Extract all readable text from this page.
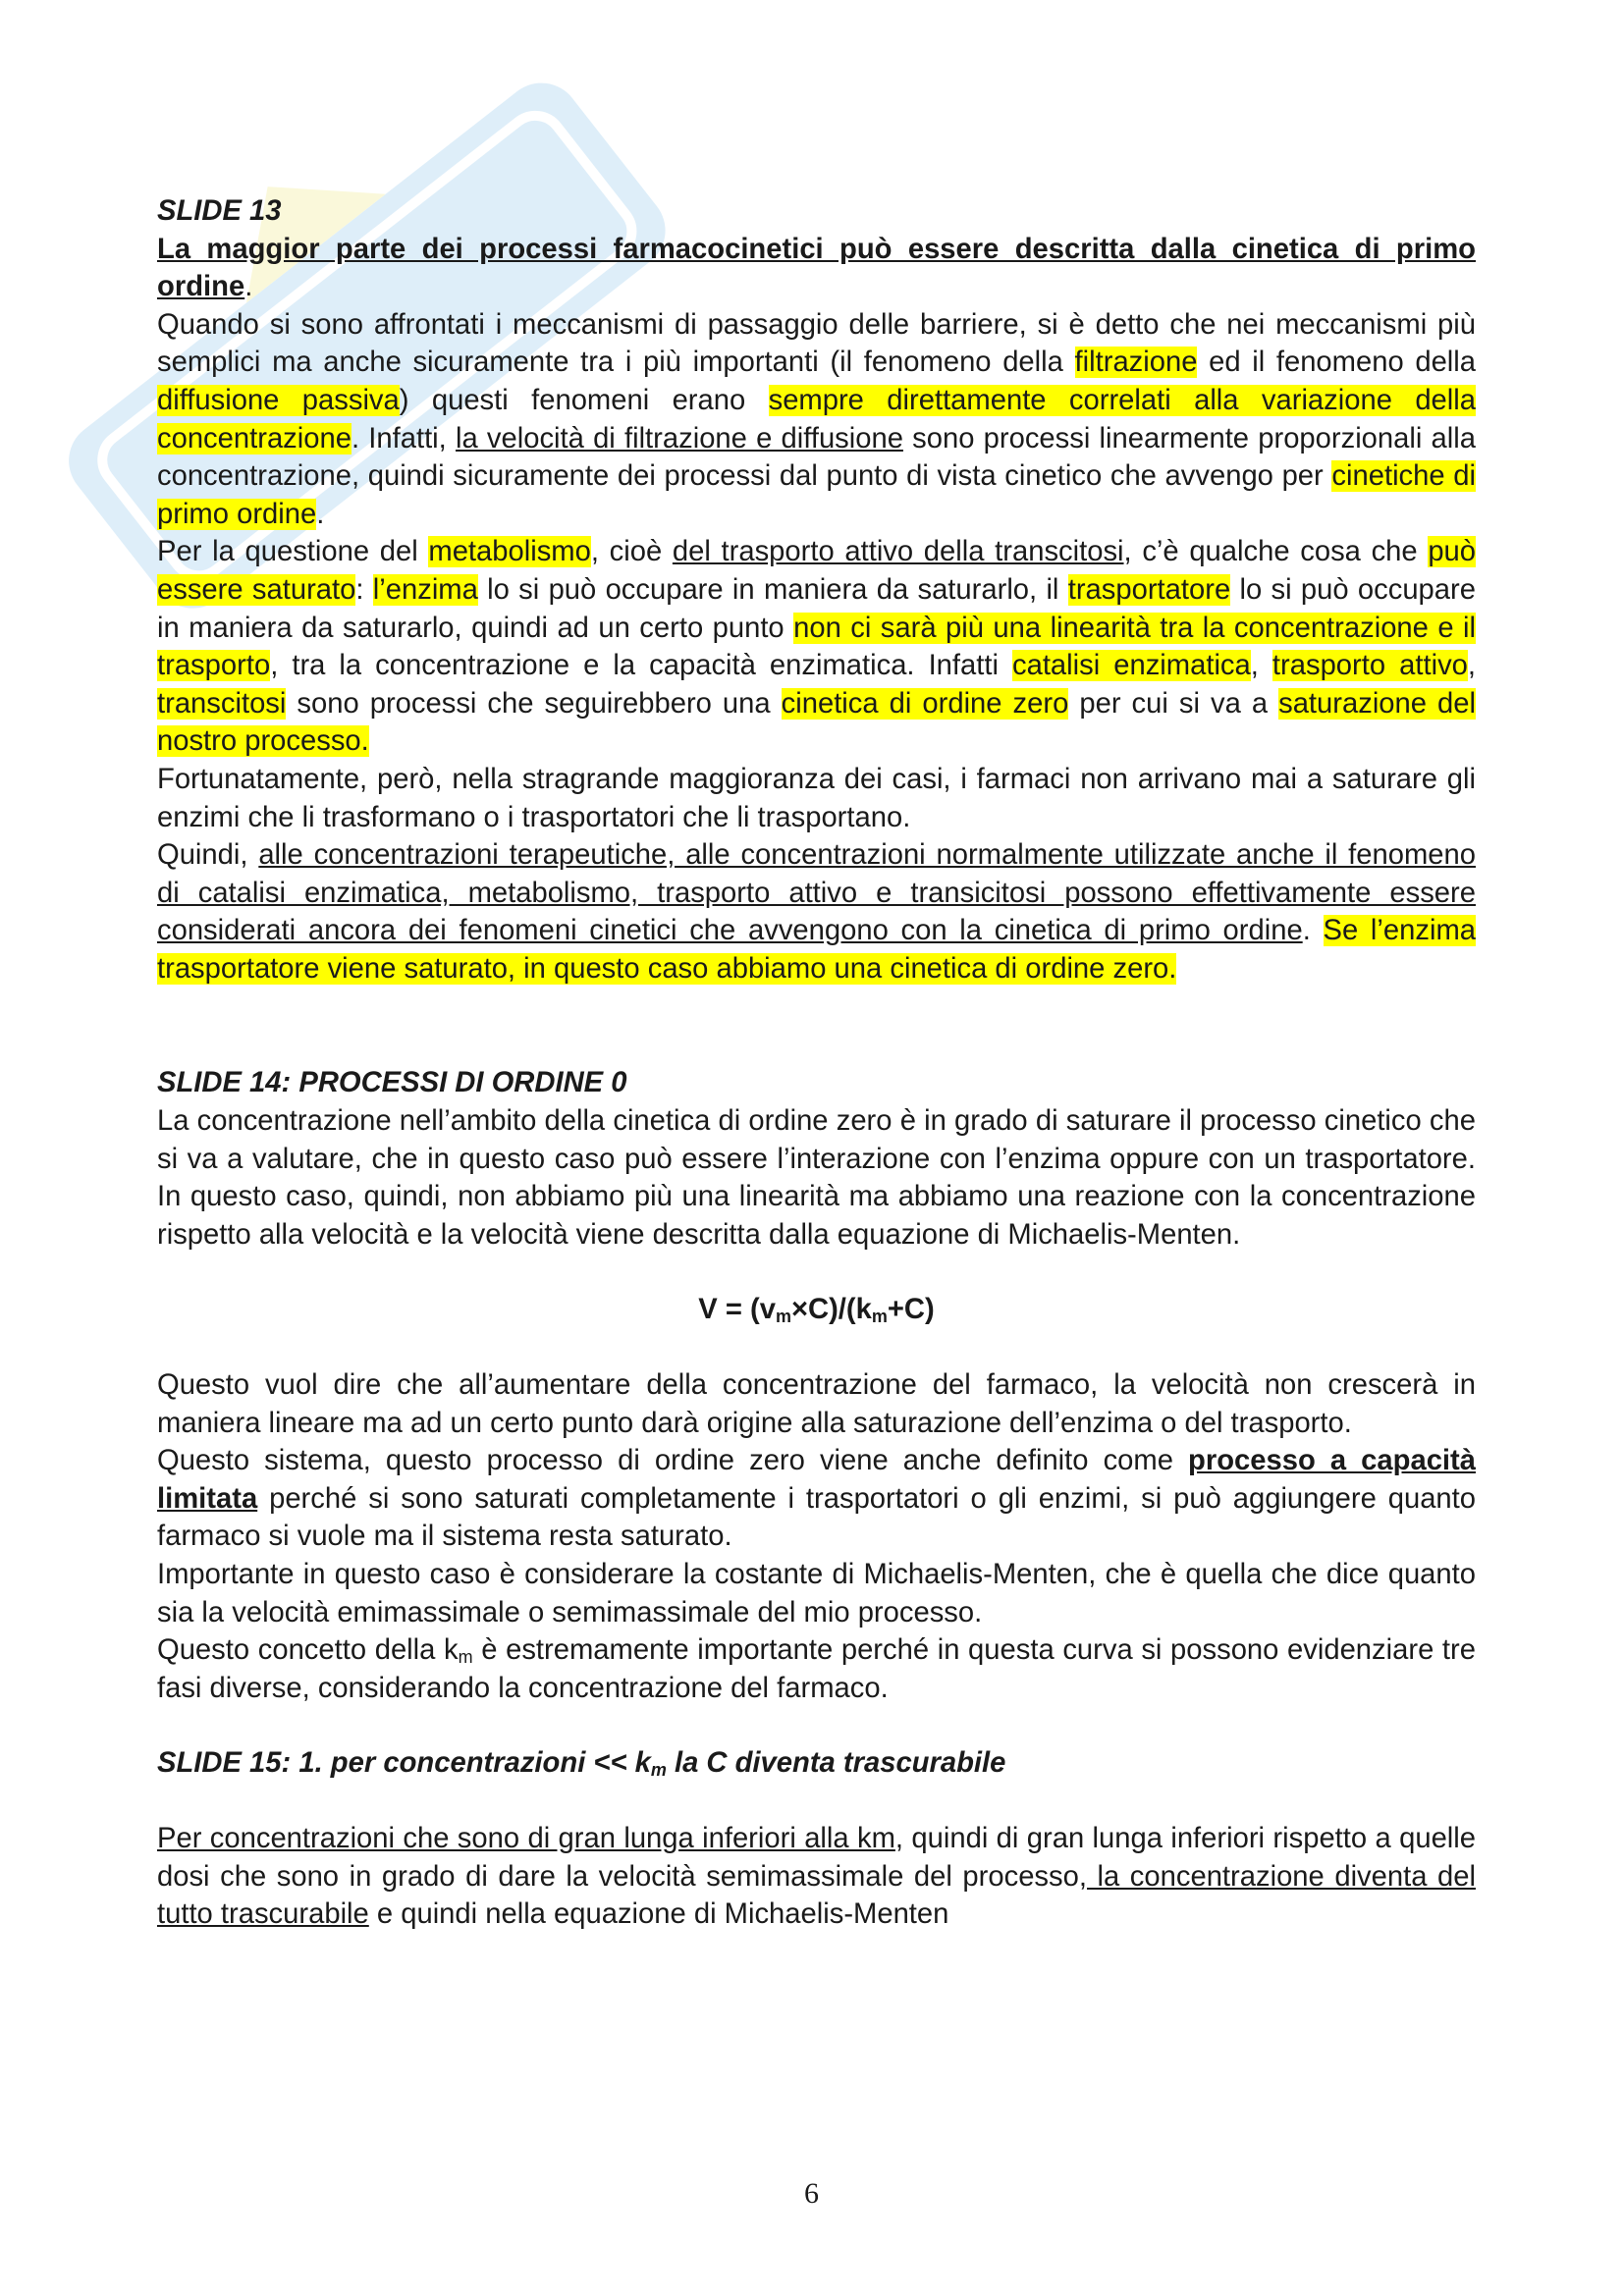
SLIDE 13

La maggior parte dei processi farmacocinetici può essere descritta dalla cinetica di primo ordine.

Quando si sono affrontati i meccanismi di passaggio delle barriere, si è detto che nei meccanismi più semplici ma anche sicuramente tra i più importanti (il fenomeno della filtrazione ed il fenomeno della diffusione passiva) questi fenomeni erano sempre direttamente correlati alla variazione della concentrazione. Infatti, la velocità di filtrazione e diffusione sono processi linearmente proporzionali alla concentrazione, quindi sicuramente dei processi dal punto di vista cinetico che avvengo per cinetiche di primo ordine.

Per la questione del metabolismo, cioè del trasporto attivo della transcitosi, c’è qualche cosa che può essere saturato: l’enzima lo si può occupare in maniera da saturarlo, il trasportatore lo si può occupare in maniera da saturarlo, quindi ad un certo punto non ci sarà più una linearità tra la concentrazione e il trasporto, tra la concentrazione e la capacità enzimatica. Infatti catalisi enzimatica, trasporto attivo, transcitosi sono processi che seguirebbero una cinetica di ordine zero per cui si va a saturazione del nostro processo.

Fortunatamente, però, nella stragrande maggioranza dei casi, i farmaci non arrivano mai a saturare gli enzimi che li trasformano o i trasportatori che li trasportano.

Quindi, alle concentrazioni terapeutiche, alle concentrazioni normalmente utilizzate anche il fenomeno di catalisi enzimatica, metabolismo, trasporto attivo e transicitosi possono effettivamente essere considerati ancora dei fenomeni cinetici che avvengono con la cinetica di primo ordine. Se l’enzima trasportatore viene saturato, in questo caso abbiamo una cinetica di ordine zero.

SLIDE 14: PROCESSI DI ORDINE 0

La concentrazione nell’ambito della cinetica di ordine zero è in grado di saturare il processo cinetico che si va a valutare, che in questo caso può essere l’interazione con l’enzima oppure con un trasportatore. In questo caso, quindi, non abbiamo più una linearità ma abbiamo una reazione con la concentrazione rispetto alla velocità e la velocità viene descritta dalla equazione di Michaelis-Menten.

$V = (v_m\times C)/(k_m+C)$

Questo vuol dire che all’aumentare della concentrazione del farmaco, la velocità non crescerà in maniera lineare ma ad un certo punto darà origine alla saturazione dell’enzima o del trasporto.

Questo sistema, questo processo di ordine zero viene anche definito come processo a capacità limitata perché si sono saturati completamente i trasportatori o gli enzimi, si può aggiungere quanto farmaco si vuole ma il sistema resta saturato.

Importante in questo caso è considerare la costante di Michaelis-Menten, che è quella che dice quanto sia la velocità emimassimale o semimassimale del mio processo.

Questo concetto della $k_m$ è estremamente importante perché in questa curva si possono evidenziare tre fasi diverse, considerando la concentrazione del farmaco.

SLIDE 15: 1. per concentrazioni << $k_m$ la C diventa trascurabile

Per concentrazioni che sono di gran lunga inferiori alla km, quindi di gran lunga inferiori rispetto a quelle dosi che sono in grado di dare la velocità semimassimale del processo, la concentrazione diventa del tutto trascurabile e quindi nella equazione di Michaelis-Menten

6
